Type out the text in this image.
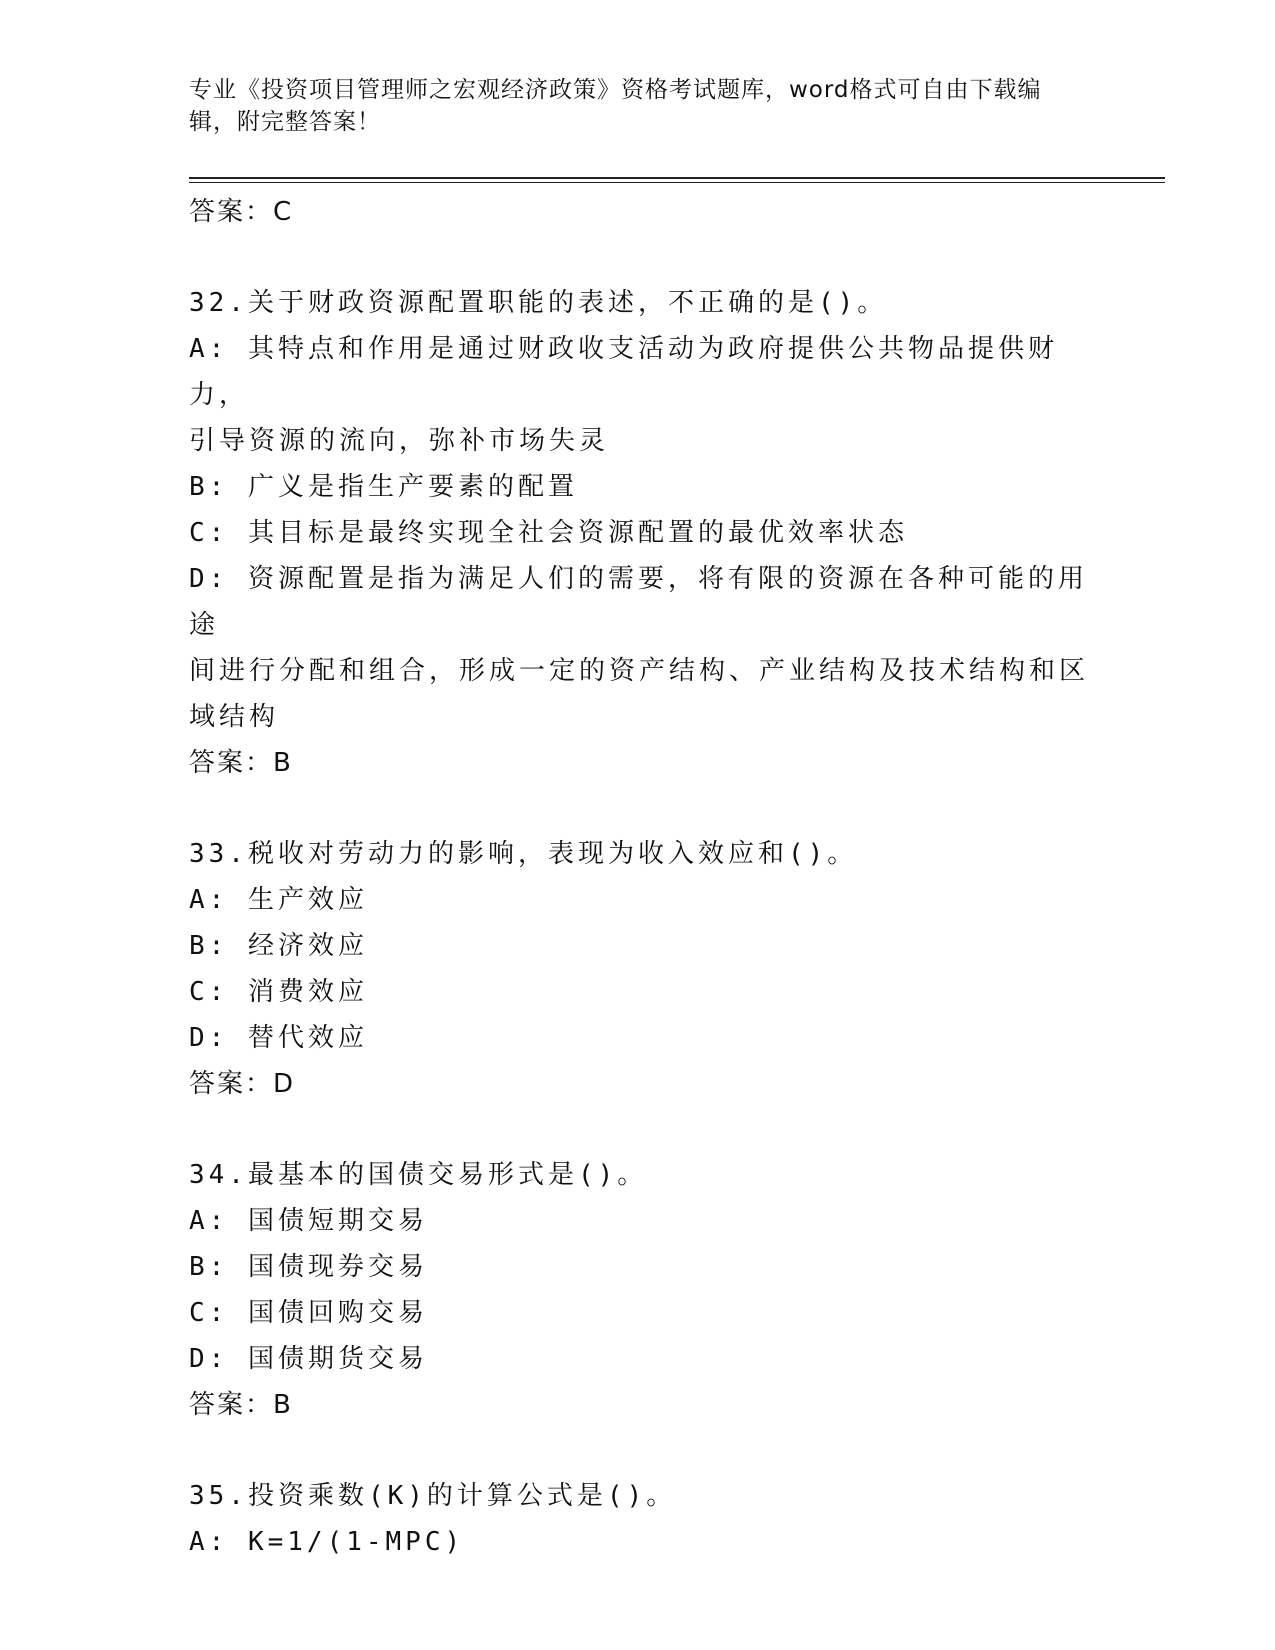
专业《投资项目管理师之宏观经济政策》资格考试题库，word格式可自由下载编
辑，附完整答案！
答案：C
32.关于财政资源配置职能的表述，不正确的是()。
A: 其特点和作用是通过财政收支活动为政府提供公共物品提供财力，
引导资源的流向，弥补市场失灵
B: 广义是指生产要素的配置
C: 其目标是最终实现全社会资源配置的最优效率状态
D: 资源配置是指为满足人们的需要，将有限的资源在各种可能的用途
间进行分配和组合，形成一定的资产结构、产业结构及技术结构和区
域结构
答案：B
33.税收对劳动力的影响，表现为收入效应和()。
A: 生产效应
B: 经济效应
C: 消费效应
D: 替代效应
答案：D
34.最基本的国债交易形式是()。
A: 国债短期交易
B: 国债现券交易
C: 国债回购交易
D: 国债期货交易
答案：B
35.投资乘数(K)的计算公式是()。
A: K=1/(1-MPC)
